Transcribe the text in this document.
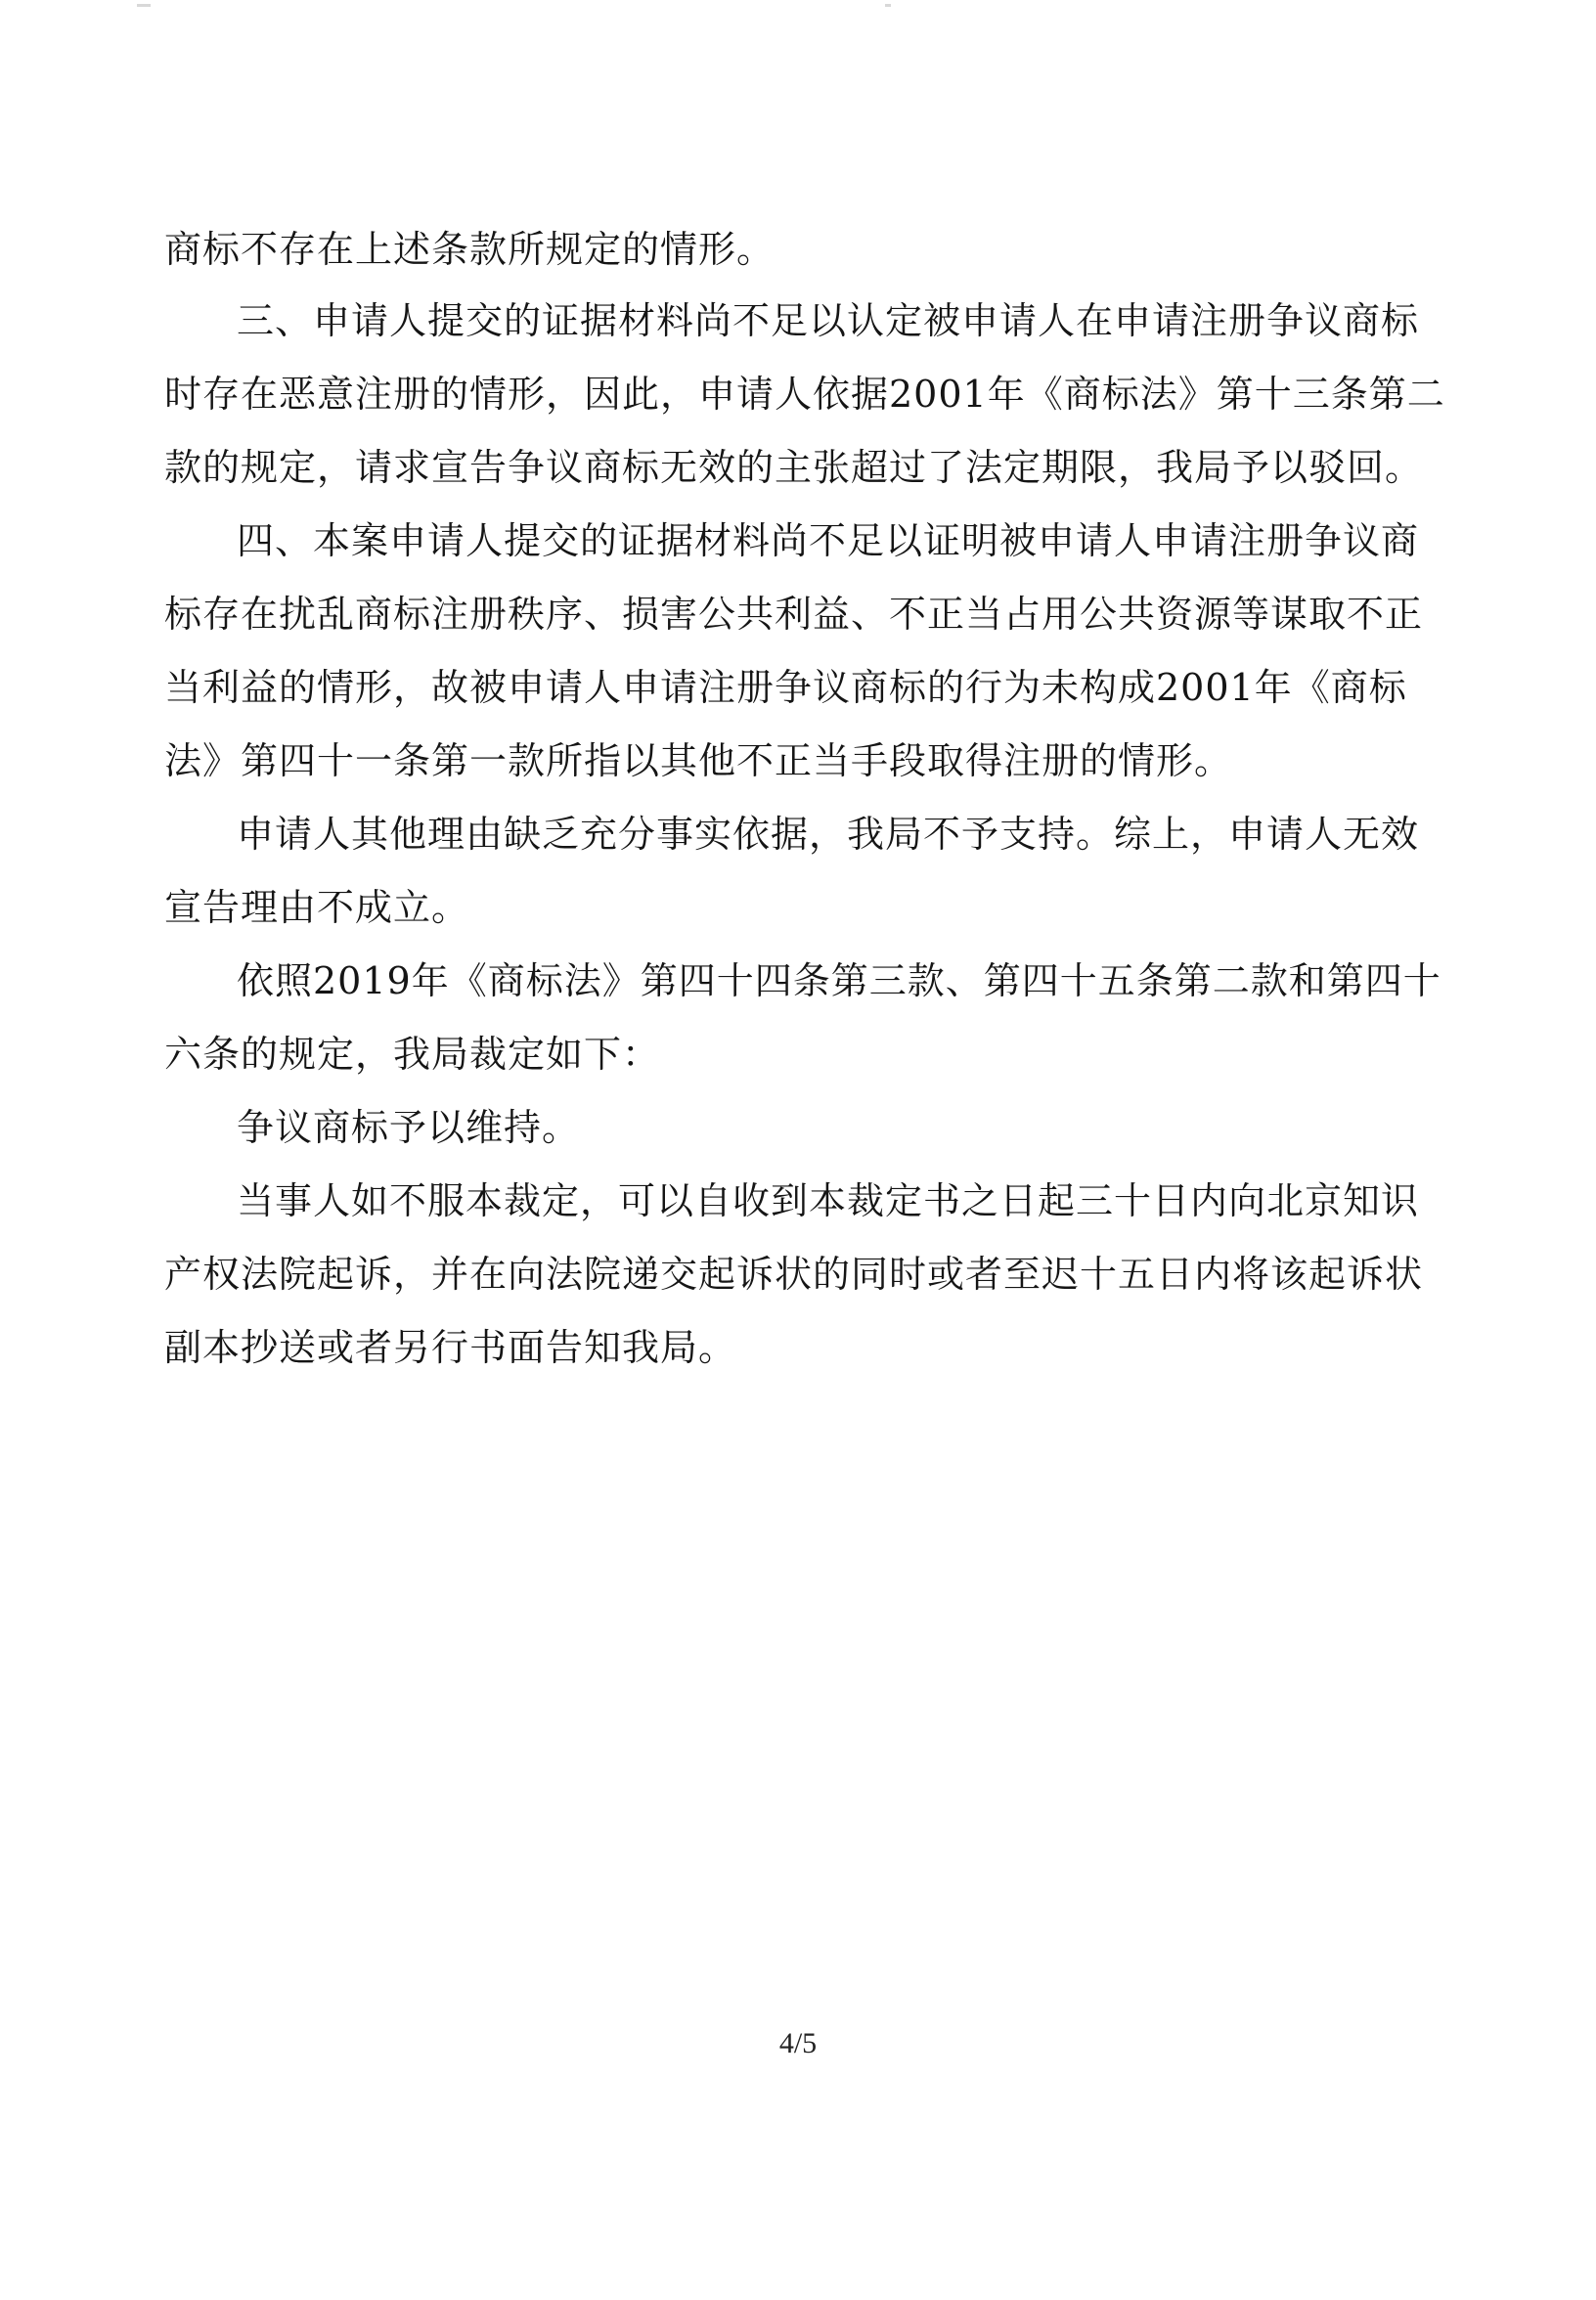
商标不存在上述条款所规定的情形。
三、申请人提交的证据材料尚不足以认定被申请人在申请注册争议商标
时存在恶意注册的情形，因此，申请人依据2001年《商标法》第十三条第二
款的规定，请求宣告争议商标无效的主张超过了法定期限，我局予以驳回。
四、本案申请人提交的证据材料尚不足以证明被申请人申请注册争议商
标存在扰乱商标注册秩序、损害公共利益、不正当占用公共资源等谋取不正
当利益的情形，故被申请人申请注册争议商标的行为未构成2001年《商标
法》第四十一条第一款所指以其他不正当手段取得注册的情形。
申请人其他理由缺乏充分事实依据，我局不予支持。综上，申请人无效
宣告理由不成立。
依照2019年《商标法》第四十四条第三款、第四十五条第二款和第四十
六条的规定，我局裁定如下：
争议商标予以维持。
当事人如不服本裁定，可以自收到本裁定书之日起三十日内向北京知识
产权法院起诉，并在向法院递交起诉状的同时或者至迟十五日内将该起诉状
副本抄送或者另行书面告知我局。
4/5
